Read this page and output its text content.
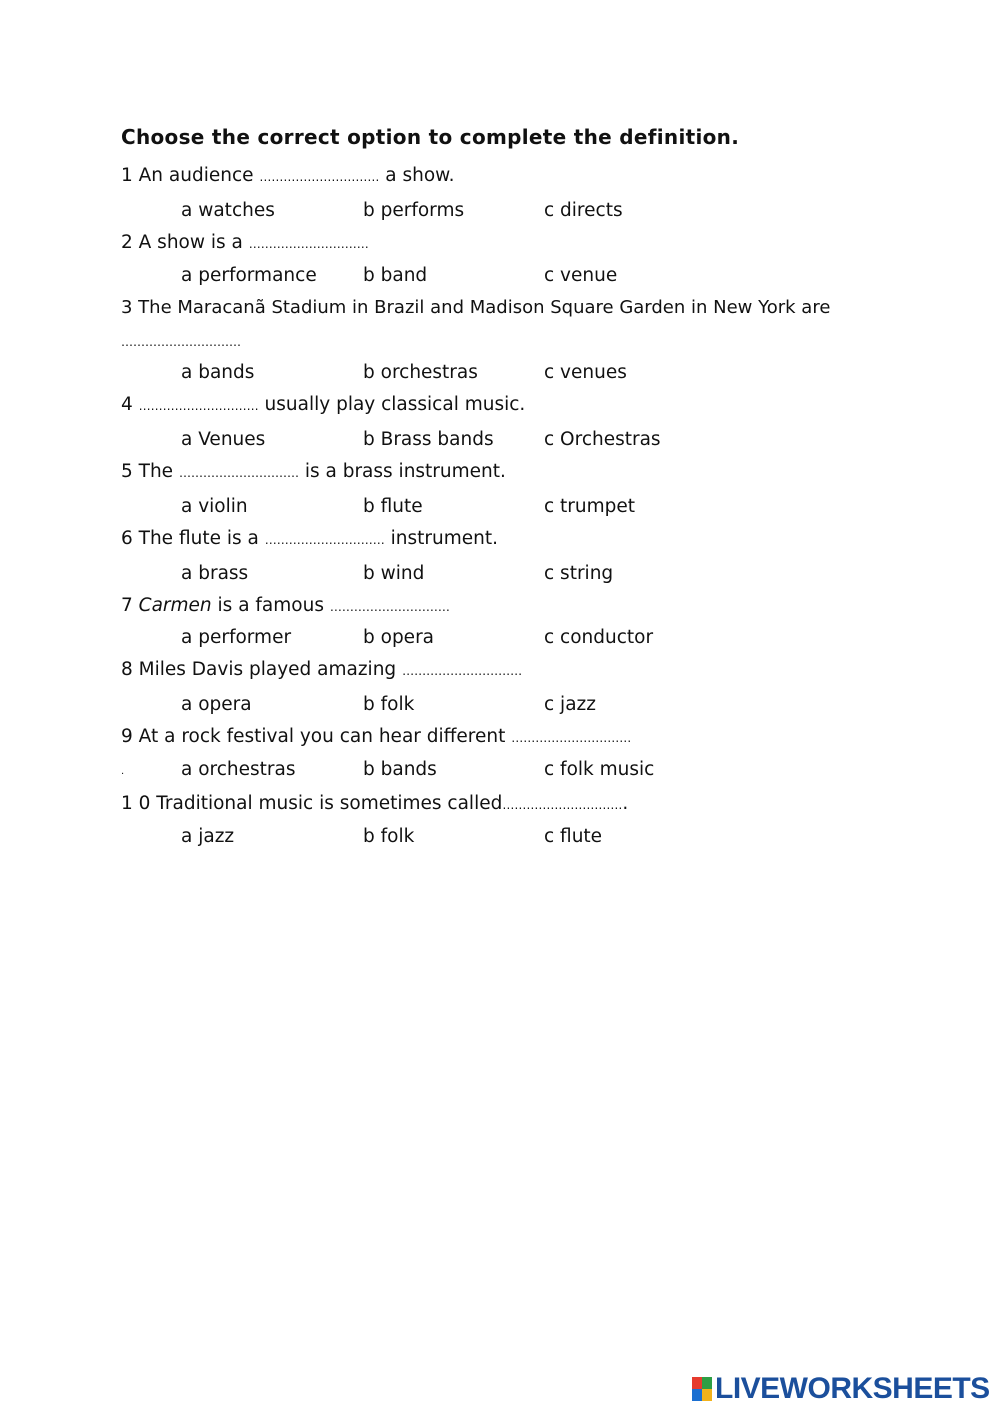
Choose the correct option to complete the definition.
1 An audience ………………………… a show.
a watches	b performs	c directs
2 A show is a …………………………
a performance	b band	c venue
3 The Maracanã Stadium in Brazil and Madison Square Garden in New York are
…………………………
a bands	b orchestras	c venues
4 ………………………… usually play classical music.
a Venues	b Brass bands	c Orchestras
5 The ………………………… is a brass instrument.
a violin	b flute	c trumpet
6 The flute is a ………………………… instrument.
a brass	b wind	c string
7 Carmen is a famous …………………………
a performer	b opera	c conductor
8 Miles Davis played amazing …………………………
a opera	b folk	c jazz
9 At a rock festival you can hear different …………………………
.	a orchestras	b bands	c folk music
1 0 Traditional music is sometimes called………………………….
a jazz	b folk	c flute
LIVEWORKSHEETS
